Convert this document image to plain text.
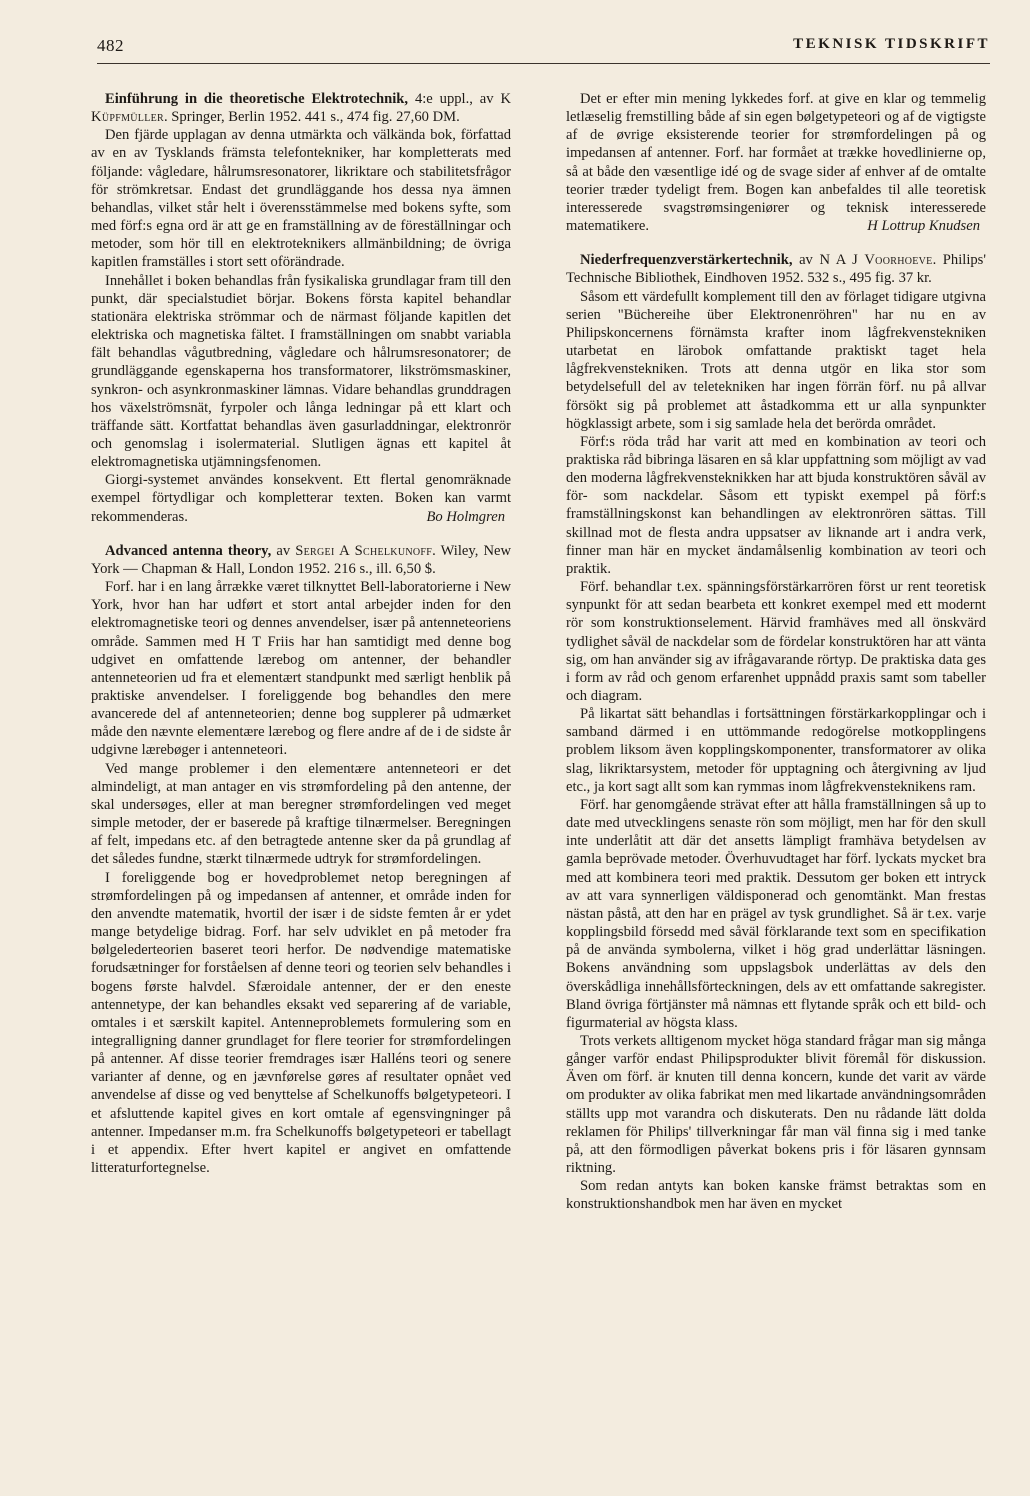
482	TEKNISK TIDSKRIFT

Einführung in die theoretische Elektrotechnik, 4:e uppl., av K Küpfmüller. Springer, Berlin 1952. 441 s., 474 fig. 27,60 DM.

Den fjärde upplagan av denna utmärkta och välkända bok, författad av en av Tysklands främsta telefontekniker, har kompletterats med följande: vågledare, hålrumsresonatorer, likriktare och stabilitetsfrågor för strömkretsar. Endast det grundläggande hos dessa nya ämnen behandlas, vilket står helt i överensstämmelse med bokens syfte, som med förf:s egna ord är att ge en framställning av de föreställningar och metoder, som hör till en elektroteknikers allmänbildning; de övriga kapitlen framställes i stort sett oförändrade.

Innehållet i boken behandlas från fysikaliska grundlagar fram till den punkt, där specialstudiet börjar. Bokens första kapitel behandlar stationära elektriska strömmar och de närmast följande kapitlen det elektriska och magnetiska fältet. I framställningen om snabbt variabla fält behandlas vågutbredning, vågledare och hålrumsresonatorer; de grundläggande egenskaperna hos transformatorer, likströmsmaskiner, synkron- och asynkronmaskiner lämnas. Vidare behandlas grunddragen hos växelströmsnät, fyrpoler och långa ledningar på ett klart och träffande sätt. Kortfattat behandlas även gasurladdningar, elektronrör och genomslag i isolermaterial. Slutligen ägnas ett kapitel åt elektromagnetiska utjämningsfenomen.

Giorgi-systemet användes konsekvent. Ett flertal genomräknade exempel förtydligar och kompletterar texten. Boken kan varmt rekommenderas.	Bo Holmgren

Advanced antenna theory, av Sergei A Schelkunoff. Wiley, New York — Chapman & Hall, London 1952. 216 s., ill. 6,50 $.

Forf. har i en lang årrække været tilknyttet Bell-laboratorierne i New York, hvor han har udført et stort antal arbejder inden for den elektromagnetiske teori og dennes anvendelser, især på antenneteoriens område. Sammen med H T Friis har han samtidigt med denne bog udgivet en omfattende lærebog om antenner, der behandler antenneteorien ud fra et elementært standpunkt med særligt henblik på praktiske anvendelser. I foreliggende bog behandles den mere avancerede del af antenneteorien; denne bog supplerer på udmærket måde den nævnte elementære lærebog og flere andre af de i de sidste år udgivne lærebøger i antenneteori.

Ved mange problemer i den elementære antenneteori er det almindeligt, at man antager en vis strømfordeling på den antenne, der skal undersøges, eller at man beregner strømfordelingen ved meget simple metoder, der er baserede på kraftige tilnærmelser. Beregningen af felt, impedans etc. af den betragtede antenne sker da på grundlag af det således fundne, stærkt tilnærmede udtryk for strømfordelingen.

I foreliggende bog er hovedproblemet netop beregningen af strømfordelingen på og impedansen af antenner, et område inden for den anvendte matematik, hvortil der især i de sidste femten år er ydet mange betydelige bidrag. Forf. har selv udviklet en på metoder fra bølgelederteorien baseret teori herfor. De nødvendige matematiske forudsætninger for forståelsen af denne teori og teorien selv behandles i bogens første halvdel. Sfæroidale antenner, der er den eneste antennetype, der kan behandles eksakt ved separering af de variable, omtales i et særskilt kapitel. Antenneproblemets formulering som en integralligning danner grundlaget for flere teorier for strømfordelingen på antenner. Af disse teorier fremdrages især Halléns teori og senere varianter af denne, og en jævnførelse gøres af resultater opnået ved anvendelse af disse og ved benyttelse af Schelkunoffs bølgetypeteori. I et afsluttende kapitel gives en kort omtale af egensvingninger på antenner. Impedanser m.m. fra Schelkunoffs bølgetypeteori er tabellagt i et appendix. Efter hvert kapitel er angivet en omfattende litteraturfortegnelse.

Det er efter min mening lykkedes forf. at give en klar og temmelig letlæselig fremstilling både af sin egen bølgetypeteori og af de vigtigste af de øvrige eksisterende teorier for strømfordelingen på og impedansen af antenner. Forf. har formået at trække hovedlinierne op, så at både den væsentlige idé og de svage sider af enhver af de omtalte teorier træder tydeligt frem. Bogen kan anbefaldes til alle teoretisk interesserede svagstrømsingeniører og teknisk interesserede matematikere.	H Lottrup Knudsen

Niederfrequenzverstärkertechnik, av N A J Voorhoeve. Philips' Technische Bibliothek, Eindhoven 1952. 532 s., 495 fig. 37 kr.

Såsom ett värdefullt komplement till den av förlaget tidigare utgivna serien "Büchereihe über Elektronenröhren" har nu en av Philipskoncernens förnämsta krafter inom lågfrekvenstekniken utarbetat en lärobok omfattande praktiskt taget hela lågfrekvenstekniken. Trots att denna utgör en lika stor som betydelsefull del av teletekniken har ingen förrän förf. nu på allvar försökt sig på problemet att åstadkomma ett ur alla synpunkter högklassigt arbete, som i sig samlade hela det berörda området.

Förf:s röda tråd har varit att med en kombination av teori och praktiska råd bibringa läsaren en så klar uppfattning som möjligt av vad den moderna lågfrekvensteknikken har att bjuda konstruktören såväl av för- som nackdelar. Såsom ett typiskt exempel på förf:s framställningskonst kan behandlingen av elektronrören sättas. Till skillnad mot de flesta andra uppsatser av liknande art i andra verk, finner man här en mycket ändamålsenlig kombination av teori och praktik.

Förf. behandlar t.ex. spänningsförstärkarrören först ur rent teoretisk synpunkt för att sedan bearbeta ett konkret exempel med ett modernt rör som konstruktionselement. Härvid framhäves med all önskvärd tydlighet såväl de nackdelar som de fördelar konstruktören har att vänta sig, om han använder sig av ifrågavarande rörtyp. De praktiska data ges i form av råd och genom erfarenhet uppnådd praxis samt som tabeller och diagram.

På likartat sätt behandlas i fortsättningen förstärkarkopplingar och i samband därmed i en uttömmande redogörelse motkopplingens problem liksom även kopplingskomponenter, transformatorer av olika slag, likriktarsystem, metoder för upptagning och återgivning av ljud etc., ja kort sagt allt som kan rymmas inom lågfrekvensteknikens ram.

Förf. har genomgående strävat efter att hålla framställningen så up to date med utvecklingens senaste rön som möjligt, men har för den skull inte underlåtit att där det ansetts lämpligt framhäva betydelsen av gamla beprövade metoder. Överhuvudtaget har förf. lyckats mycket bra med att kombinera teori med praktik. Dessutom ger boken ett intryck av att vara synnerligen väldisponerad och genomtänkt. Man frestas nästan påstå, att den har en prägel av tysk grundlighet. Så är t.ex. varje kopplingsbild försedd med såväl förklarande text som en specifikation på de använda symbolerna, vilket i hög grad underlättar läsningen. Bokens användning som uppslagsbok underlättas av dels den överskådliga innehållsförteckningen, dels av ett omfattande sakregister. Bland övriga förtjänster må nämnas ett flytande språk och ett bild- och figurmaterial av högsta klass.

Trots verkets alltigenom mycket höga standard frågar man sig många gånger varför endast Philipsprodukter blivit föremål för diskussion. Även om förf. är knuten till denna koncern, kunde det varit av värde om produkter av olika fabrikat men med likartade användningsområden ställts upp mot varandra och diskuterats. Den nu rådande lätt dolda reklamen för Philips' tillverkningar får man väl finna sig i med tanke på, att den förmodligen påverkat bokens pris i för läsaren gynnsam riktning.

Som redan antyts kan boken kanske främst betraktas som en konstruktionshandbok men har även en mycket
